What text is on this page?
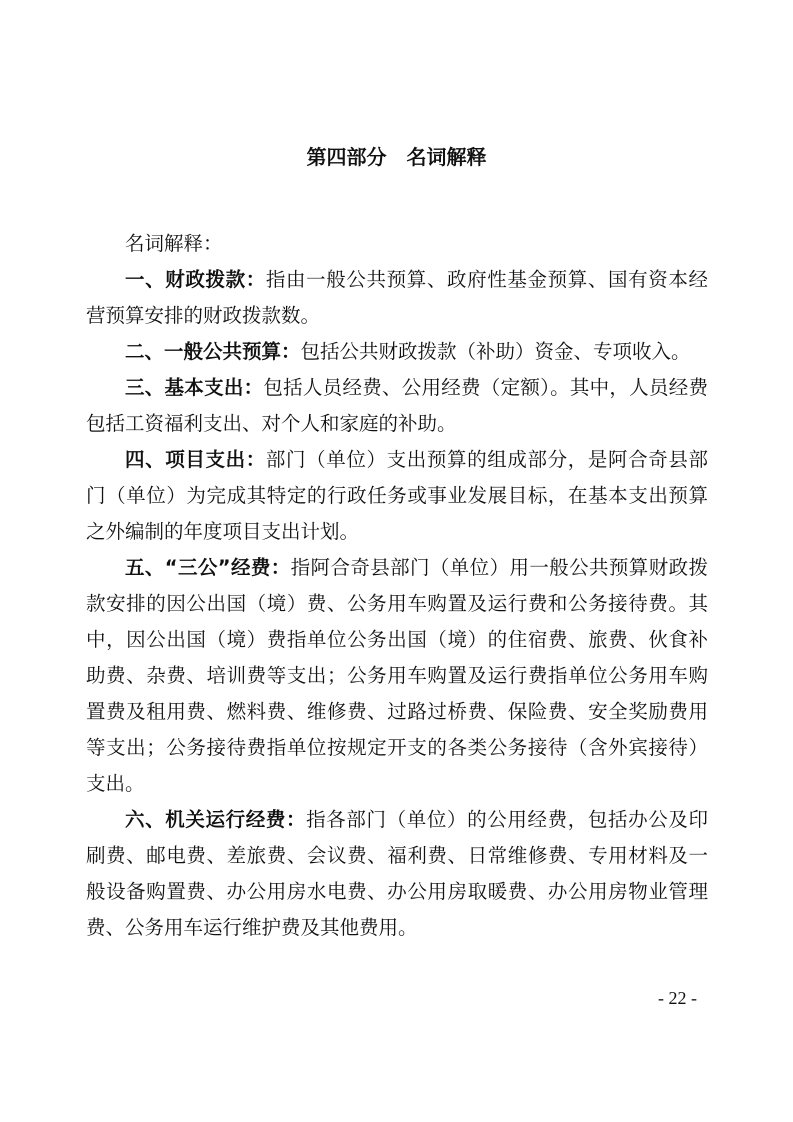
第四部分　名词解释

名词解释：

一、财政拨款：指由一般公共预算、政府性基金预算、国有资本经营预算安排的财政拨款数。

二、一般公共预算：包括公共财政拨款（补助）资金、专项收入。

三、基本支出：包括人员经费、公用经费（定额）。其中，人员经费包括工资福利支出、对个人和家庭的补助。

四、项目支出：部门（单位）支出预算的组成部分，是阿合奇县部门（单位）为完成其特定的行政任务或事业发展目标，在基本支出预算之外编制的年度项目支出计划。

五、“三公”经费：指阿合奇县部门（单位）用一般公共预算财政拨款安排的因公出国（境）费、公务用车购置及运行费和公务接待费。其中，因公出国（境）费指单位公务出国（境）的住宿费、旅费、伙食补助费、杂费、培训费等支出；公务用车购置及运行费指单位公务用车购置费及租用费、燃料费、维修费、过路过桥费、保险费、安全奖励费用等支出；公务接待费指单位按规定开支的各类公务接待（含外宾接待）支出。

六、机关运行经费：指各部门（单位）的公用经费，包括办公及印刷费、邮电费、差旅费、会议费、福利费、日常维修费、专用材料及一般设备购置费、办公用房水电费、办公用房取暖费、办公用房物业管理费、公务用车运行维护费及其他费用。

- 22 -
